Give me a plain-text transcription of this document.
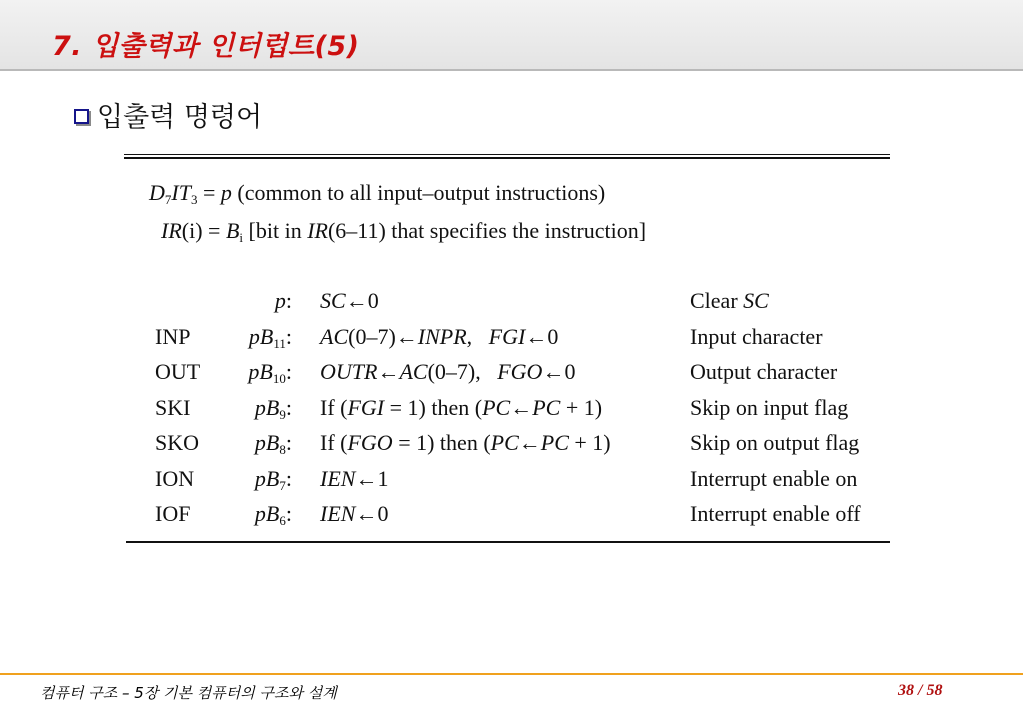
7. 입출력과 인터럽트(5)
입출력 명령어
$D_7IT_3 = p$ (common to all input–output instructions)
$IR(i) = B_i$ [bit in IR(6–11) that specifies the instruction]
p: SC←0	Clear SC
INP	$pB_{11}$: AC(0–7)←INPR,   FGI←0	Input character
OUT $pB_{10}$: OUTR←AC(0–7),   FGO←0	Output character
SKI	$pB_9$: If (FGI = 1) then (PC←PC + 1)	Skip on input flag
SKO	$pB_8$: If (FGO = 1) then (PC←PC + 1)	Skip on output flag
ION	$pB_7$: IEN←1	Interrupt enable on
IOF	$pB_6$: IEN←0	Interrupt enable off
컴퓨터 구조 – 5장 기본 컴퓨터의 구조와 설계	38 / 58
